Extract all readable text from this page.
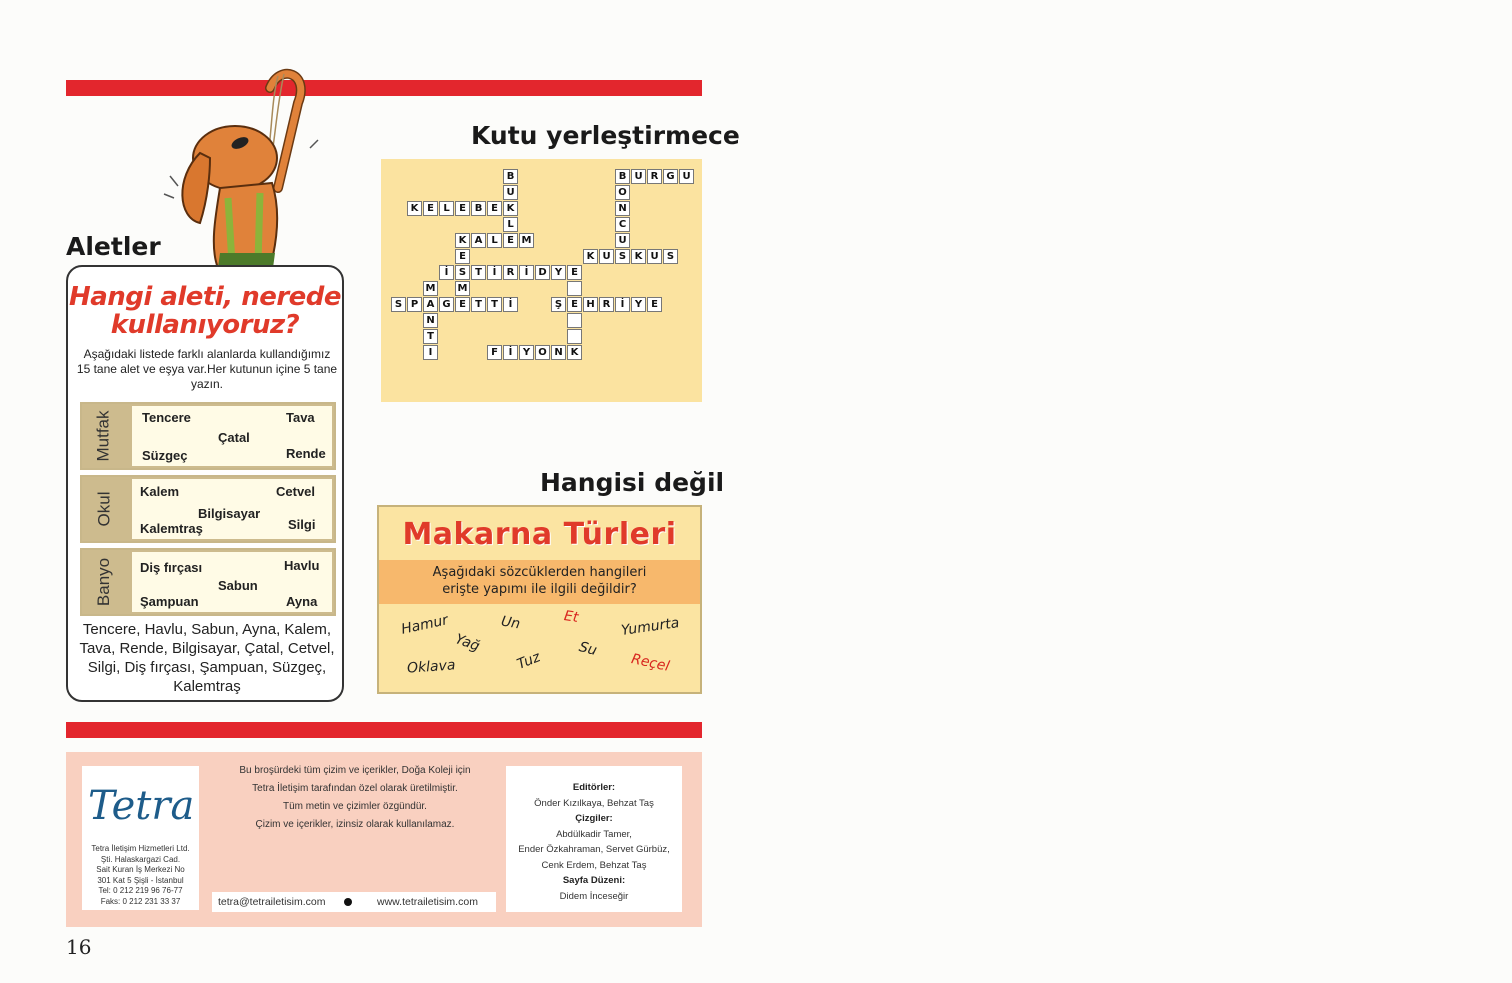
Aletler
Hangi aleti, nerede
kullanıyoruz?
Aşağıdaki listede farklı alanlarda kullandığımız 15 tane alet ve eşya var.Her kutunun içine 5 tane yazın.
Mutfak Tencere	Tava
Çatal
Süzgeç	Rende
Okul
Kalem	Cetvel
Bilgisayar
Kalemtraş	Silgi
Banyo Diş fırçası	Havlu
Sabun
Şampuan	Ayna
Tencere, Havlu, Sabun, Ayna, Kalem, Tava, Rende, Bilgisayar, Çatal, Cetvel, Silgi, Diş fırçası, Şampuan, Süzgeç, Kalemtraş
Kutu yerleştirmece
B
U
K
L
E
B U R G U
O
N
C
U
S
K E L E B E
K A L	M
E
S
M
E
K U	K U S
İ	T	İ	R	İ D Y E
M
A
N
T
I
S P	G	T T	İ	Ş E H R	İ	Y E
F	İ	Y O N K
Hangisi değil
Makarna Türleri
Aşağıdaki sözcüklerden hangileri
erişte yapımı ile ilgili değildir?
Hamur	Un	Et	Yumurta
Yağ	Su
Oklava	Tuz	Reçel
Tetra
Tetra İletişim Hizmetleri Ltd.
Şti. Halaskargazi Cad.
Sait Kuran İş Merkezi No
301 Kat 5 Şişli - İstanbul
Tel: 0 212 219 96 76-77
Faks: 0 212 231 33 37
Bu broşürdeki tüm çizim ve içerikler, Doğa Koleji için
Tetra İletişim tarafından özel olarak üretilmiştir.
Tüm metin ve çizimler özgündür.
Çizim ve içerikler, izinsiz olarak kullanılamaz.
tetra@tetrailetisim.com	www.tetrailetisim.com
Editörler:
Önder Kızılkaya, Behzat Taş
Çizgiler:
Abdülkadir Tamer,
Ender Özkahraman, Servet Gürbüz,
Cenk Erdem, Behzat Taş
Sayfa Düzeni:
Didem İnceseğir
16
